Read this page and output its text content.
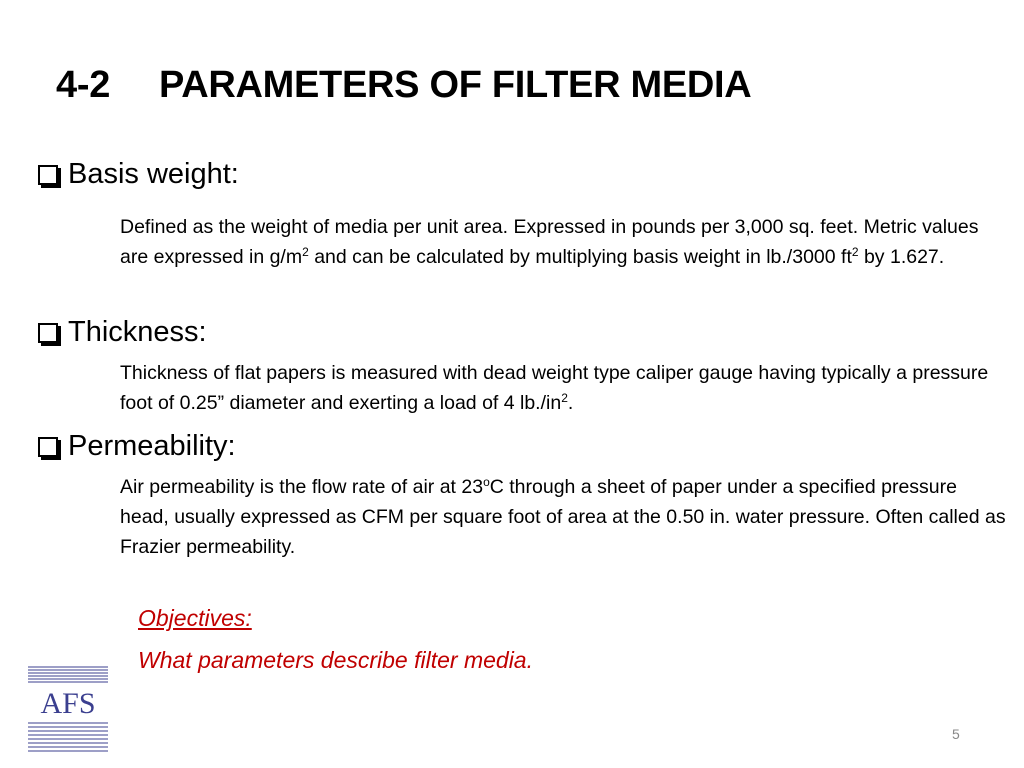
4-2 PARAMETERS OF FILTER MEDIA
Basis weight:
Defined as the weight of media per unit area. Expressed in pounds per 3,000 sq. feet. Metric values are expressed in $g/m^2$ and can be calculated by multiplying basis weight in lb./3000 $ft^2$ by 1.627.
Thickness:
Thickness of flat papers is measured with dead weight type caliper gauge having typically a pressure foot of 0.25” diameter and exerting a load of 4 $lb./in^2$.
Permeability:
Air permeability is the flow rate of air at 23$^o$C through a sheet of paper under a specified pressure head, usually expressed as CFM per square foot of area at the 0.50 in. water pressure. Often called as Frazier permeability.
Objectives:
What parameters describe filter media.
AFS
5
